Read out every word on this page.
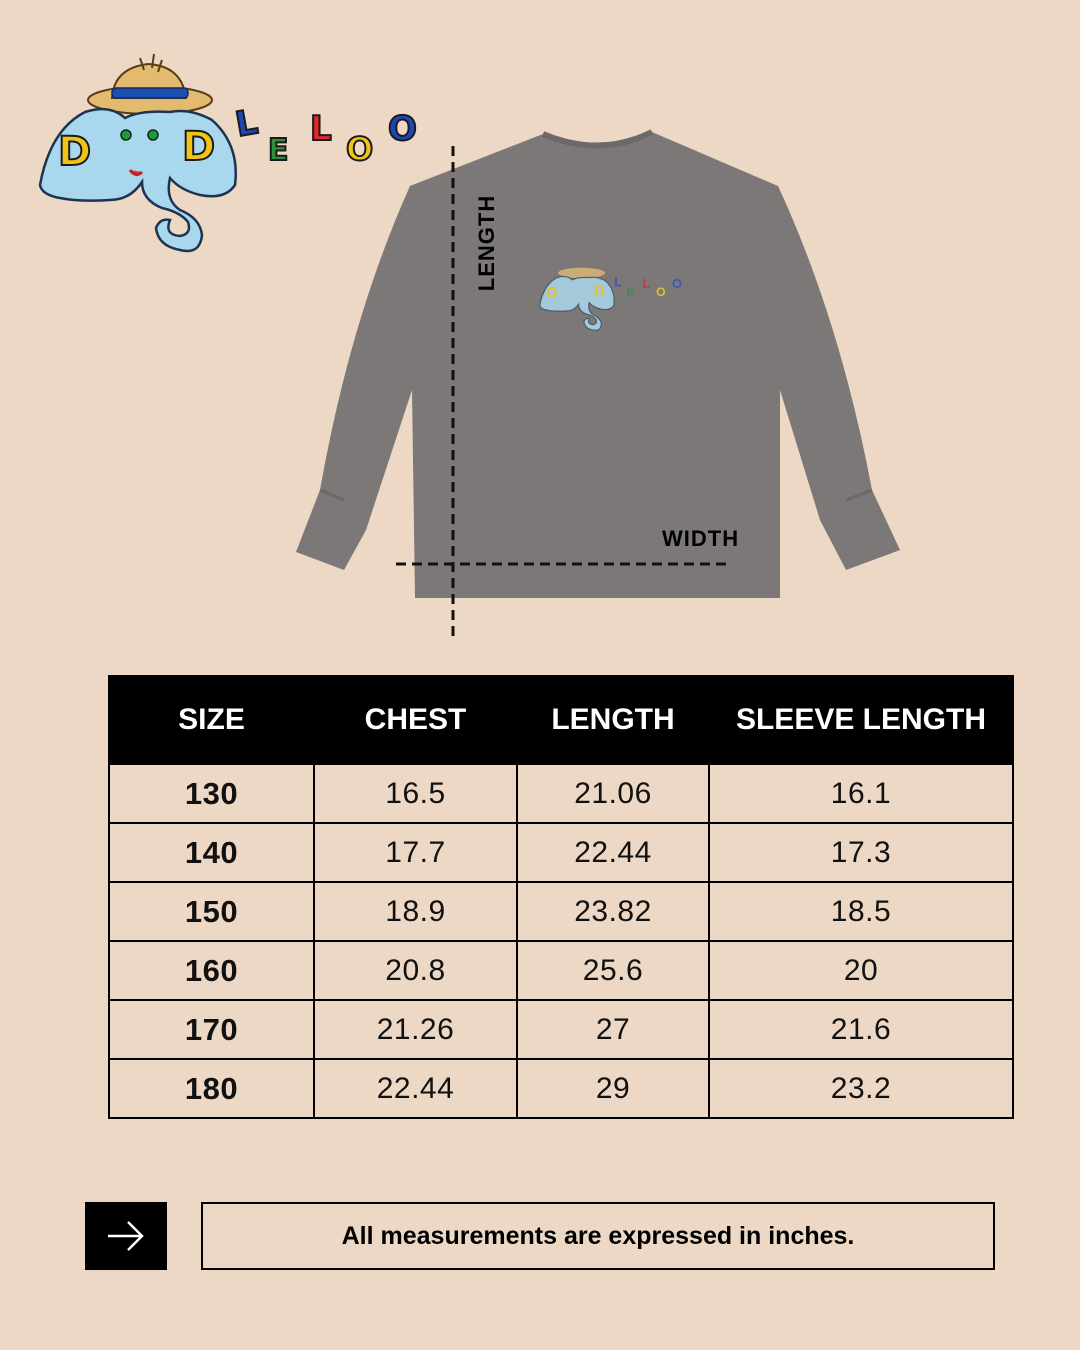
D D
L
E
L O O
D D
L
E
L
O
O
LENGTH
WIDTH
SIZE	CHEST	LENGTH	SLEEVE LENGTH
130	16.5	21.06	16.1
140	17.7	22.44	17.3
150	18.9	23.82	18.5
160	20.8	25.6	20
170	21.26	27	21.6
180	22.44	29	23.2
All measurements are expressed in inches.
